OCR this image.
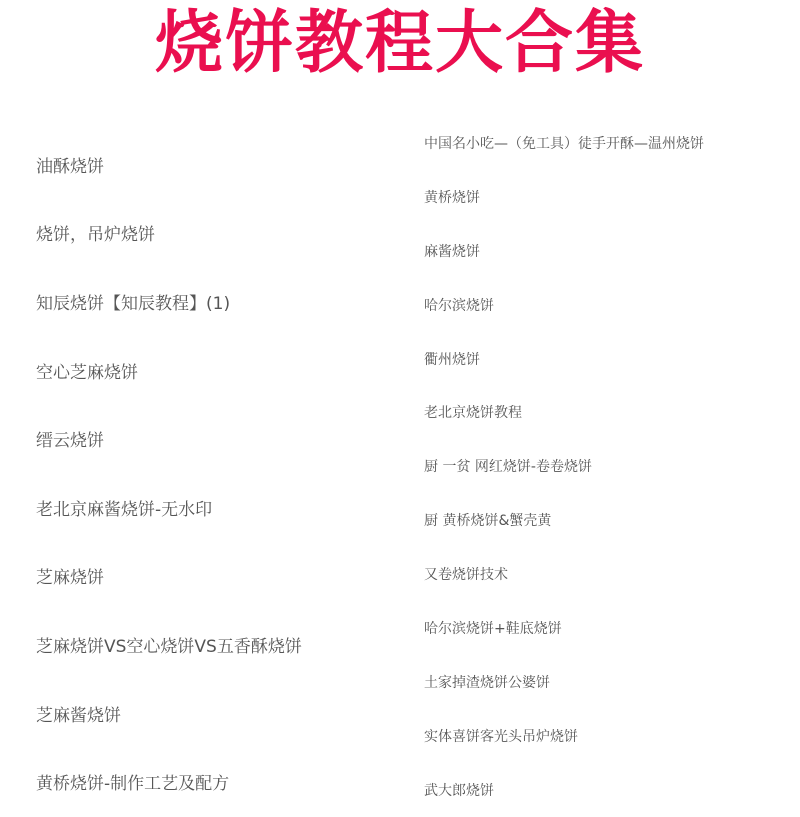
烧饼教程大合集
油酥烧饼
烧饼，吊炉烧饼
知辰烧饼【知辰教程】(1)
空心芝麻烧饼
缙云烧饼
老北京麻酱烧饼-无水印
芝麻烧饼
芝麻烧饼VS空心烧饼VS五香酥烧饼
芝麻酱烧饼
黄桥烧饼-制作工艺及配方
中国名小吃—（免工具）徒手开酥—温州烧饼
黄桥烧饼
麻酱烧饼
哈尔滨烧饼
衢州烧饼
老北京烧饼教程
厨 一贫 网红烧饼-卷卷烧饼
厨 黄桥烧饼&蟹壳黄
又卷烧饼技术
哈尔滨烧饼+鞋底烧饼
土家掉渣烧饼公婆饼
实体喜饼客光头吊炉烧饼
武大郎烧饼
